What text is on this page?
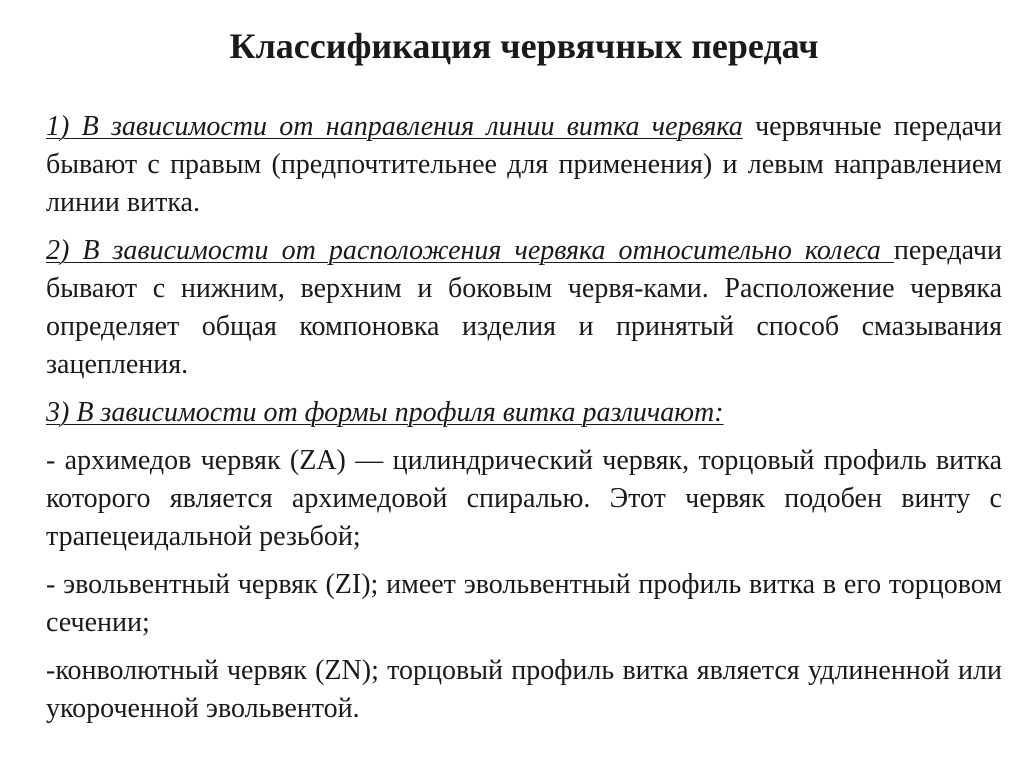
Классификация червячных передач

1) В зависимости от направления линии витка червяка червячные передачи бывают с правым (предпочтительнее для применения) и левым направлением линии витка.

2) В зависимости от расположения червяка относительно колеса передачи бывают с нижним, верхним и боковым червя-ками. Расположение червяка определяет общая компоновка изделия и принятый способ смазывания зацепления.

3) В зависимости от формы профиля витка различают:

- архимедов червяк (ZA) — цилиндрический червяк, торцовый профиль витка которого является архимедовой спиралью. Этот червяк подобен винту с трапецеидальной резьбой;

- эвольвентный червяк (ZI); имеет эвольвентный профиль витка в его торцовом сечении;

-конволютный червяк (ZN); торцовый профиль витка является удлиненной или укороченной эвольвентой.
